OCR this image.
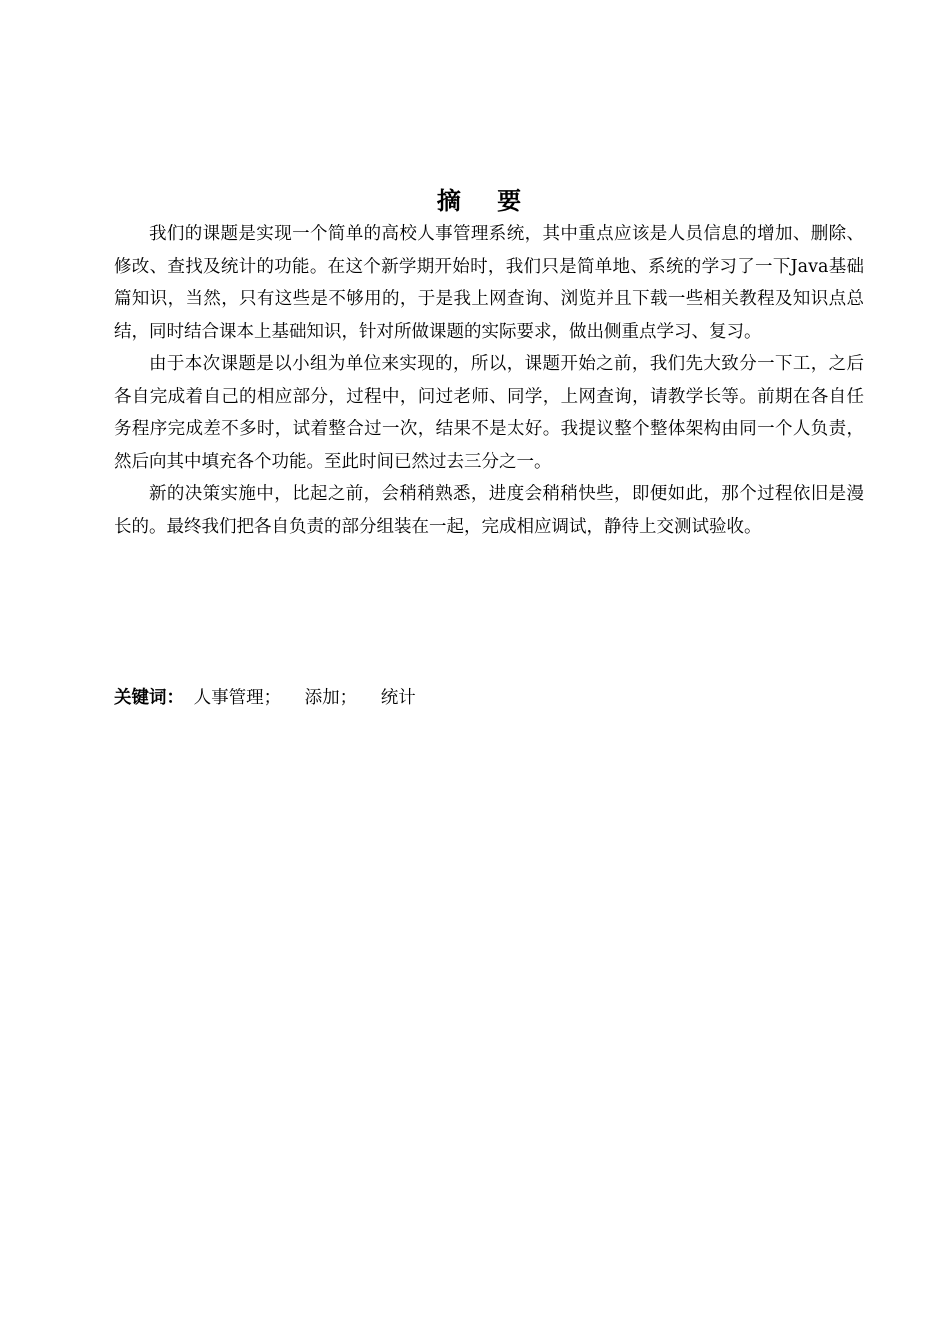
摘 要

我们的课题是实现一个简单的高校人事管理系统，其中重点应该是人员信息的增加、删除、修改、查找及统计的功能。在这个新学期开始时，我们只是简单地、系统的学习了一下Java基础篇知识，当然，只有这些是不够用的，于是我上网查询、浏览并且下载一些相关教程及知识点总结，同时结合课本上基础知识，针对所做课题的实际要求，做出侧重点学习、复习。

由于本次课题是以小组为单位来实现的，所以，课题开始之前，我们先大致分一下工，之后各自完成着自己的相应部分，过程中，问过老师、同学，上网查询，请教学长等。前期在各自任务程序完成差不多时，试着整合过一次，结果不是太好。我提议整个整体架构由同一个人负责，然后向其中填充各个功能。至此时间已然过去三分之一。

新的决策实施中，比起之前，会稍稍熟悉，进度会稍稍快些，即便如此，那个过程依旧是漫长的。最终我们把各自负责的部分组装在一起，完成相应调试，静待上交测试验收。

关键词： 人事管理； 添加； 统计
